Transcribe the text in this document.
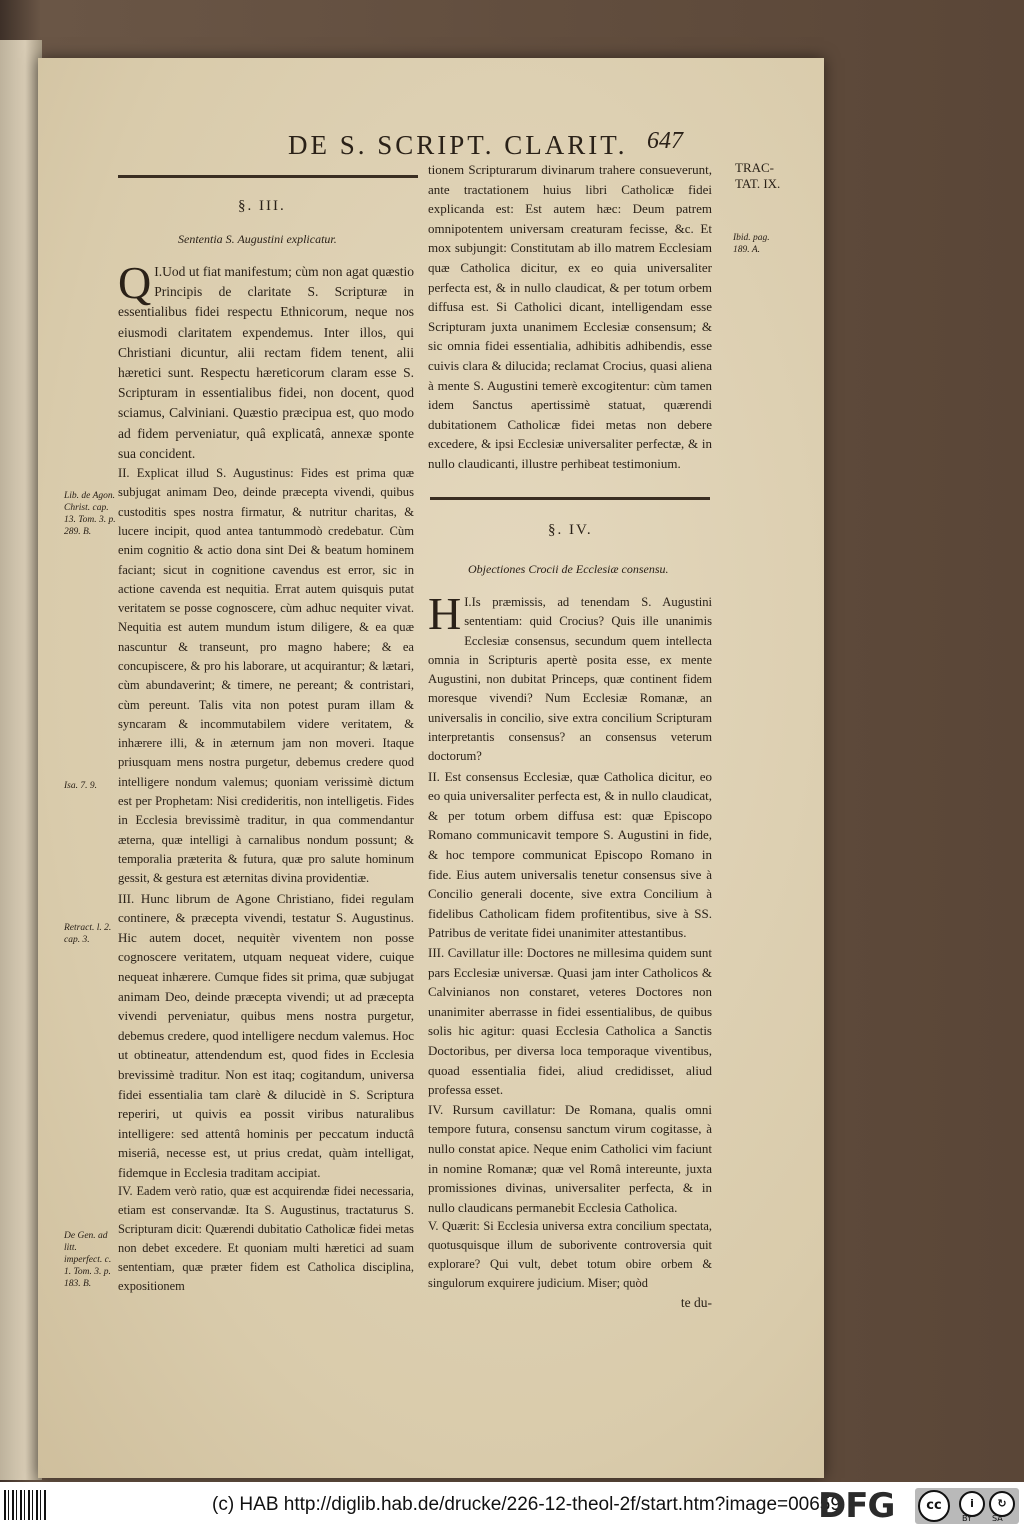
DE S. SCRIPT. CLARIT. 647
TRAC-
TAT. IX.
§. III.
Sententia S. Augustini explicatur.

I.
Q Uod ut fiat manifestum; cùm non agat quæstio Principis de claritate S. Scripturæ in essentialibus fidei respectu Ethnicorum, neque nos eiusmodi claritatem expendemus. Inter illos, qui Christiani dicuntur, alii rectam fidem tenent, alii hæretici sunt. Respectu hæreticorum claram esse S. Scripturam in essentialibus fidei, non docent, quod sciamus, Calviniani. Quæstio præcipua est, quo modo ad fidem perveniatur, quâ explicatâ, annexæ sponte sua concident.

II. Explicat illud S. Augustinus: Fides est prima quæ subjugat animam Deo, deinde præcepta vivendi, quibus custoditis spes nostra firmatur, & nutritur charitas, & lucere incipit, quod antea tantummodò credebatur. Cùm enim cognitio & actio dona sint Dei & beatum hominem faciant; sicut in cognitione cavendus est error, sic in actione cavenda est nequitia. Errat autem quisquis putat veritatem se posse cognoscere, cùm adhuc nequiter vivat. Nequitia est autem mundum istum diligere, & ea quæ nascuntur & transeunt, pro magno habere; & ea concupiscere, & pro his laborare, ut acquirantur; & lætari, cùm abundaverint; & timere, ne pereant; & contristari, cùm pereunt. Talis vita non potest puram illam & syncaram & incommutabilem videre veritatem, & inhærere illi, & in æternum jam non moveri. Itaque priusquam mens nostra purgetur, debemus credere quod intelligere nondum valemus; quoniam verissimè dictum est per Prophetam: Nisi credideritis, non intelligetis. Fides in Ecclesia brevissimè traditur, in qua commendantur æterna, quæ intelligi à carnalibus nondum possunt; & temporalia præterita & futura, quæ pro salute hominum gessit, & gestura est æternitas divina providentiæ.

III. Hunc librum de Agone Christiano, fidei regulam continere, & præcepta vivendi, testatur S. Augustinus. Hic autem docet, nequitèr viventem non posse cognoscere veritatem, utquam nequeat videre, cuique nequeat inhærere. Cumque fides sit prima, quæ subjugat animam Deo, deinde præcepta vivendi; ut ad præcepta vivendi perveniatur, quibus mens nostra purgetur, debemus credere, quod intelligere necdum valemus. Hoc ut obtineatur, attendendum est, quod fides in Ecclesia brevissimè traditur. Non est itaq; cogitandum, universa fidei essentialia tam clarè & dilucidè in S. Scriptura reperiri, ut quivis ea possit viribus naturalibus intelligere: sed attentâ hominis per peccatum inductâ miseriâ, necesse est, ut prius credat, quàm intelligat, fidemque in Ecclesia traditam accipiat.

IV. Eadem verò ratio, quæ est acquirendæ fidei necessaria, etiam est conservandæ. Ita S. Augustinus, tractaturus S. Scripturam dicit: Quærendi dubitatio Catholicæ fidei metas non debet excedere. Et quoniam multi hæretici ad suam sententiam, quæ præter fidem est Catholica disciplina, expositionem

Lib. de Agon. Christ. cap. 13. Tom. 3. p. 289. B.
Isa. 7. 9.
Retract. l. 2. cap. 3.
De Gen. ad litt. imperfect. c. 1. Tom. 3. p. 183. B.

tionem Scripturarum divinarum trahere consueverunt, ante tractationem huius libri Catholicæ fidei explicanda est: Est autem hæc: Deum patrem omnipotentem universam creaturam fecisse, &c. Et mox subjungit: Constitutam ab illo matrem Ecclesiam quæ Catholica dicitur, ex eo quia universaliter perfecta est, & in nullo claudicat, & per totum orbem diffusa est. Si Catholici dicant, intelligendam esse Scripturam juxta unanimem Ecclesiæ consensum; & sic omnia fidei essentialia, adhibitis adhibendis, esse cuivis clara & dilucida; reclamat Crocius, quasi aliena à mente S. Augustini temerè excogitentur: cùm tamen idem Sanctus apertissimè statuat, quærendi dubitationem Catholicæ fidei metas non debere excedere, & ipsi Ecclesiæ universaliter perfectæ, & in nullo claudicanti, illustre perhibeat testimonium.

Ibid. pag. 189. A.
§. IV.
Objectiones Crocii de Ecclesiæ consensu.

I.
H Is præmissis, ad tenendam S. Augustini sententiam: quid Crocius? Quis ille unanimis Ecclesiæ consensus, secundum quem intellecta omnia in Scripturis apertè posita esse, ex mente Augustini, non dubitat Princeps, quæ continent fidem moresque vivendi? Num Ecclesiæ Romanæ, an universalis in concilio, sive extra concilium Scripturam interpretantis consensus? an consensus veterum doctorum?

II. Est consensus Ecclesiæ, quæ Catholica dicitur, eo eo quia universaliter perfecta est, & in nullo claudicat, & per totum orbem diffusa est: quæ Episcopo Romano communicavit tempore S. Augustini in fide, & hoc tempore communicat Episcopo Romano in fide. Eius autem universalis tenetur consensus sive à Concilio generali docente, sive extra Concilium à fidelibus Catholicam fidem profitentibus, sive à SS. Patribus de veritate fidei unanimiter attestantibus.

III. Cavillatur ille: Doctores ne millesima quidem sunt pars Ecclesiæ universæ. Quasi jam inter Catholicos & Calvinianos non constaret, veteres Doctores non unanimiter aberrasse in fidei essentialibus, de quibus solis hic agitur: quasi Ecclesia Catholica a Sanctis Doctoribus, per diversa loca temporaque viventibus, quoad essentialia fidei, aliud credidisset, aliud professa esset.

IV. Rursum cavillatur: De Romana, qualis omni tempore futura, consensu sanctum virum cogitasse, à nullo constat apice. Neque enim Catholici vim faciunt in nomine Romanæ; quæ vel Româ intereunte, juxta promissiones divinas, universaliter perfecta, & in nullo claudicans permanebit Ecclesia Catholica.

V. Quærit: Si Ecclesia universa extra concilium spectata, quotusquisque illum de suborivente controversia quit explorare? Qui vult, debet totum obire orbem & singulorum exquirere judicium. Miser; quòd

te du-

(c) HAB http://diglib.hab.de/drucke/226-12-theol-2f/start.htm?image=00659
DFG	cc	i	↻
BY	SA
